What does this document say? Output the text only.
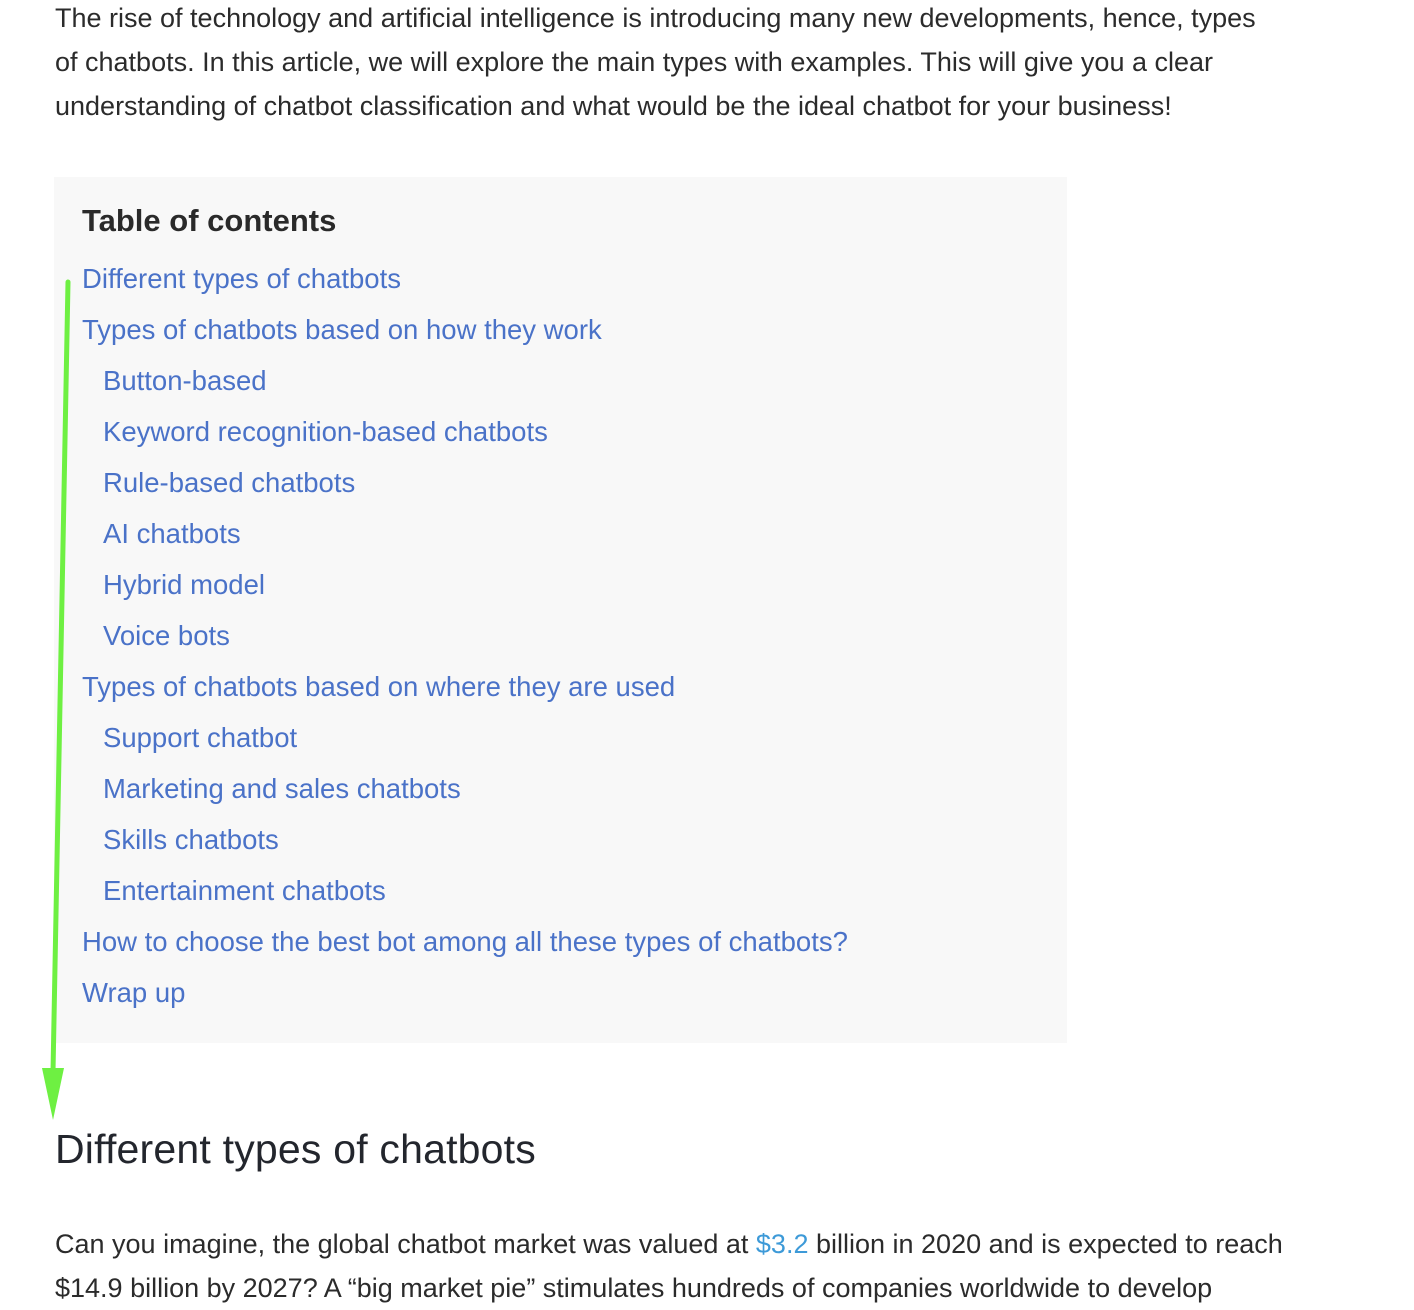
The rise of technology and artificial intelligence is introducing many new developments, hence, types
of chatbots. In this article, we will explore the main types with examples. This will give you a clear
understanding of chatbot classification and what would be the ideal chatbot for your business!

Table of contents

Different types of chatbots
Types of chatbots based on how they work
Button-based
Keyword recognition-based chatbots
Rule-based chatbots
AI chatbots
Hybrid model
Voice bots
Types of chatbots based on where they are used
Support chatbot
Marketing and sales chatbots
Skills chatbots
Entertainment chatbots
How to choose the best bot among all these types of chatbots?
Wrap up
Different types of chatbots

Can you imagine, the global chatbot market was valued at $3.2 billion in 2020 and is expected to reach
$14.9 billion by 2027? A “big market pie” stimulates hundreds of companies worldwide to develop
